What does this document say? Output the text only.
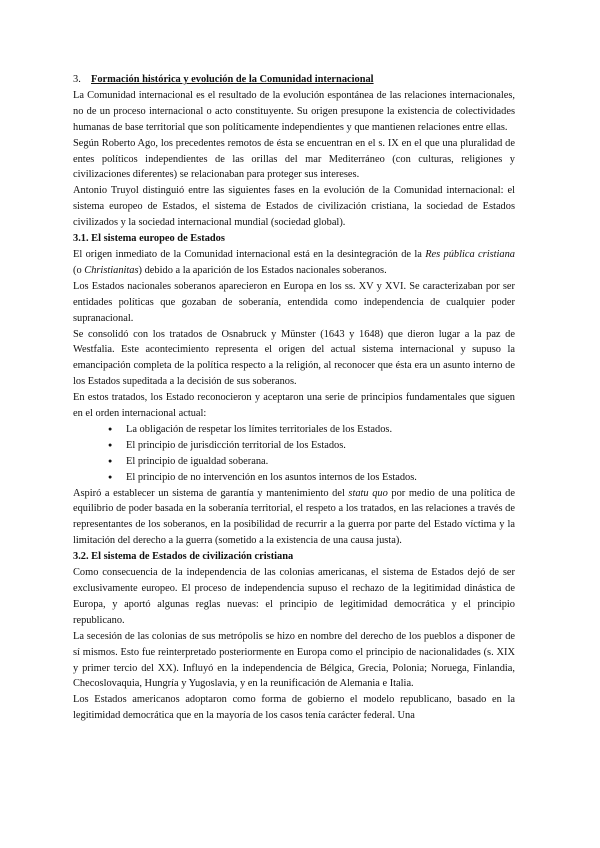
3. Formación histórica y evolución de la Comunidad internacional

La Comunidad internacional es el resultado de la evolución espontánea de las relaciones internacionales, no de un proceso internacional o acto constituyente. Su origen presupone la existencia de colectividades humanas de base territorial que son políticamente independientes y que mantienen relaciones entre ellas.

Según Roberto Ago, los precedentes remotos de ésta se encuentran en el s. IX en el que una pluralidad de entes políticos independientes de las orillas del mar Mediterráneo (con culturas, religiones y civilizaciones diferentes) se relacionaban para proteger sus intereses.

Antonio Truyol distinguió entre las siguientes fases en la evolución de la Comunidad internacional: el sistema europeo de Estados, el sistema de Estados de civilización cristiana, la sociedad de Estados civilizados y la sociedad internacional mundial (sociedad global).

3.1. El sistema europeo de Estados

El origen inmediato de la Comunidad internacional está en la desintegración de la Res pública cristiana (o Christianitas) debido a la aparición de los Estados nacionales soberanos.

Los Estados nacionales soberanos aparecieron en Europa en los ss. XV y XVI. Se caracterizaban por ser entidades políticas que gozaban de soberanía, entendida como independencia de cualquier poder supranacional.

Se consolidó con los tratados de Osnabruck y Münster (1643 y 1648) que dieron lugar a la paz de Westfalia. Este acontecimiento representa el origen del actual sistema internacional y supuso la emancipación completa de la política respecto a la religión, al reconocer que ésta era un asunto interno de los Estados supeditada a la decisión de sus soberanos.

En estos tratados, los Estado reconocieron y aceptaron una serie de principios fundamentales que siguen en el orden internacional actual:

● La obligación de respetar los límites territoriales de los Estados.
● El principio de jurisdicción territorial de los Estados.
● El principio de igualdad soberana.
● El principio de no intervención en los asuntos internos de los Estados.

Aspiró a establecer un sistema de garantía y mantenimiento del statu quo por medio de una política de equilibrio de poder basada en la soberanía territorial, el respeto a los tratados, en las relaciones a través de representantes de los soberanos, en la posibilidad de recurrir a la guerra por parte del Estado víctima y la limitación del derecho a la guerra (sometido a la existencia de una causa justa).

3.2. El sistema de Estados de civilización cristiana

Como consecuencia de la independencia de las colonias americanas, el sistema de Estados dejó de ser exclusivamente europeo. El proceso de independencia supuso el rechazo de la legitimidad dinástica de Europa, y aportó algunas reglas nuevas: el principio de legitimidad democrática y el principio republicano.

La secesión de las colonias de sus metrópolis se hizo en nombre del derecho de los pueblos a disponer de sí mismos. Esto fue reinterpretado posteriormente en Europa como el principio de nacionalidades (s. XIX y primer tercio del XX). Influyó en la independencia de Bélgica, Grecia, Polonia; Noruega, Finlandia, Checoslovaquia, Hungría y Yugoslavia, y en la reunificación de Alemania e Italia.

Los Estados americanos adoptaron como forma de gobierno el modelo republicano, basado en la legitimidad democrática que en la mayoría de los casos tenía carácter federal. Una
